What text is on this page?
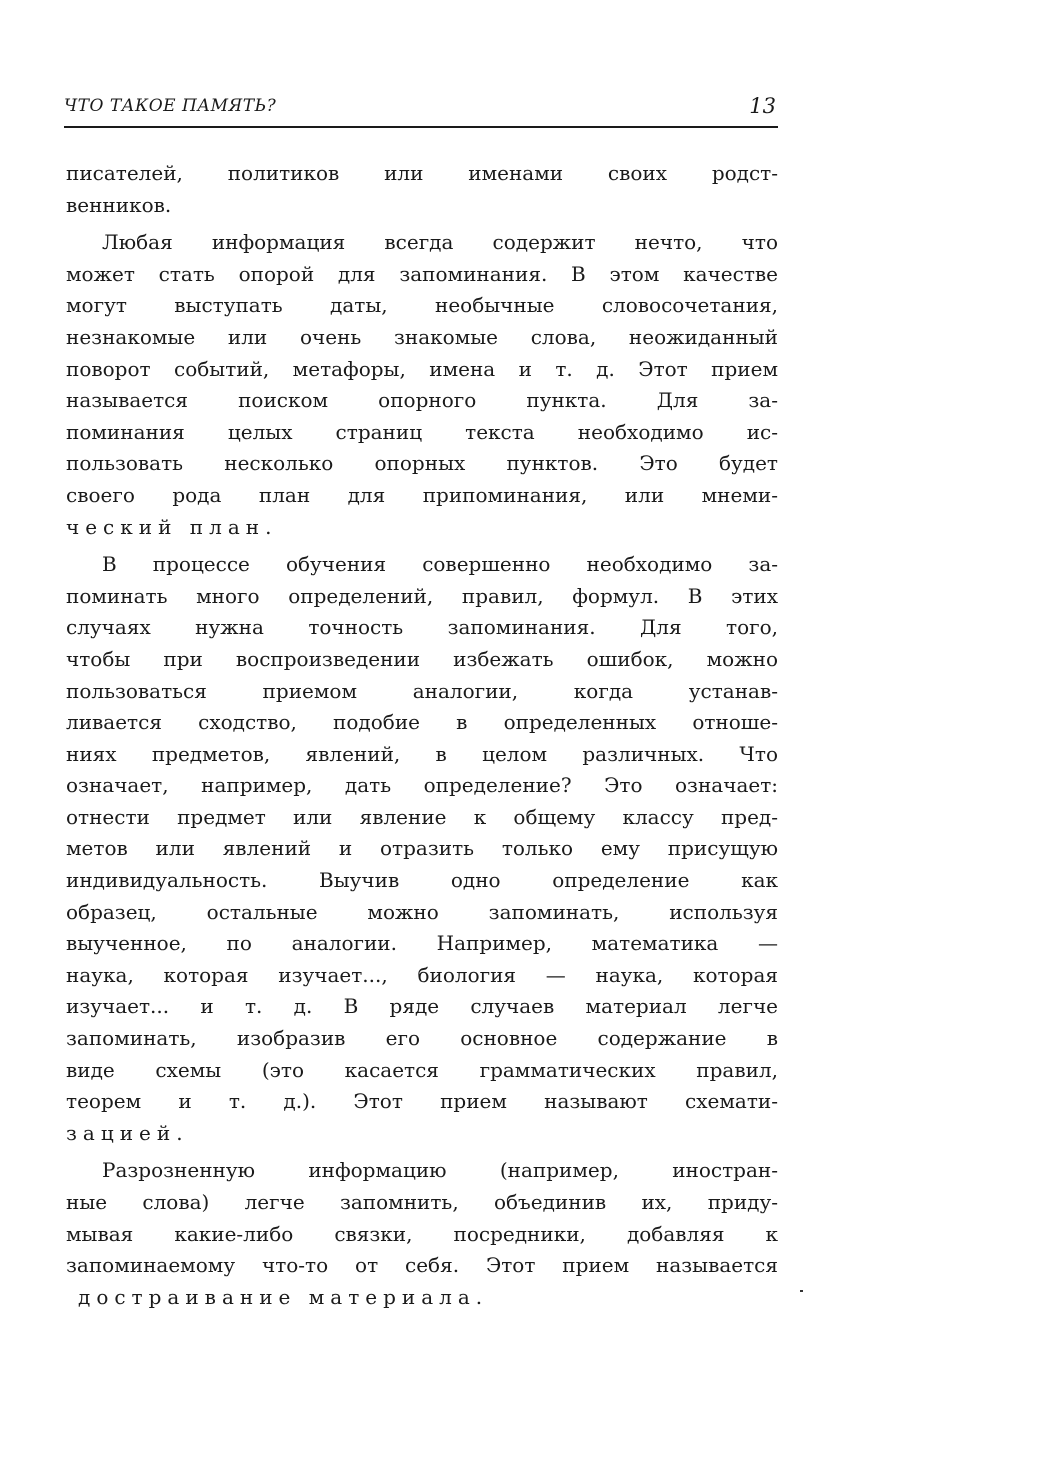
ЧТО ТАКОЕ ПАМЯТЬ?	13
писателей, политиков или именами своих родст-
венников.
Любая информация всегда содержит нечто, что
может стать опорой для запоминания. В этом качестве
могут выступать даты, необычные словосочетания,
незнакомые или очень знакомые слова, неожиданный
поворот событий, метафоры, имена и т. д. Этот прием
называется поиском опорного пункта. Для за-
поминания целых страниц текста необходимо ис-
пользовать несколько опорных пунктов. Это будет
своего рода план для припоминания, или мнеми-
ческий план.
В процессе обучения совершенно необходимо за-
поминать много определений, правил, формул. В этих
случаях нужна точность запоминания. Для того,
чтобы при воспроизведении избежать ошибок, можно
пользоваться приемом аналогии, когда устанав-
ливается сходство, подобие в определенных отноше-
ниях предметов, явлений, в целом различных. Что
означает, например, дать определение? Это означает:
отнести предмет или явление к общему классу пред-
метов или явлений и отразить только ему присущую
индивидуальность. Выучив одно определение как
образец, остальные можно запоминать, используя
выученное, по аналогии. Например, математика —
наука, которая изучает..., биология — наука, которая
изучает... и т. д. В ряде случаев материал легче
запоминать, изобразив его основное содержание в
виде схемы (это касается грамматических правил,
теорем и т. д.). Этот прием называют схемати-
зацией.
Разрозненную информацию (например, иностран-
ные слова) легче запомнить, объединив их, приду-
мывая какие-либо связки, посредники, добавляя к
запоминаемому что-то от себя. Этот прием называется
достраивание материала.
